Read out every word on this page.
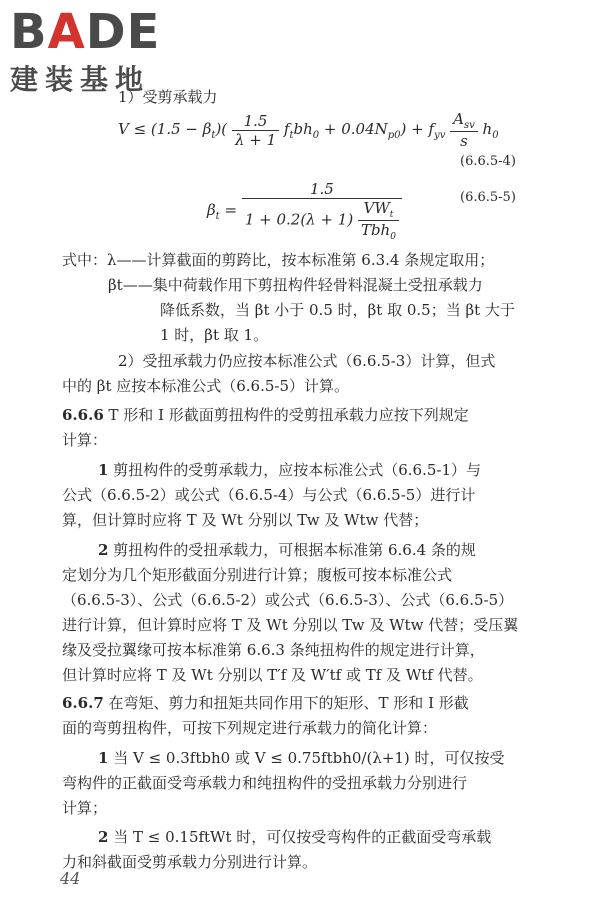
BADE
建装基地
1）受剪承载力
$V \le (1.5 - \beta_t)( \frac{1.5}{\lambda + 1} f_tbh_0 + 0.04N_{p0}) + f_{yv} \frac{A_{sv}}{s} h_0$
(6.6.5-4)
$\beta_t = \frac{1.5}{1 + 0.2(\lambda + 1) \frac{VW_t}{Tbh_0}}$	(6.6.5-5)
式中：λ——计算截面的剪跨比，按本标准第 6.3.4 条规定取用；
βt——集中荷载作用下剪扭构件轻骨料混凝土受扭承载力
降低系数，当 βt 小于 0.5 时，βt 取 0.5；当 βt 大于
1 时，βt 取 1。
2）受扭承载力仍应按本标准公式（6.6.5-3）计算，但式
中的 βt 应按本标准公式（6.6.5-5）计算。
6.6.6 T 形和 I 形截面剪扭构件的受剪扭承载力应按下列规定
计算：
1 剪扭构件的受剪承载力，应按本标准公式（6.6.5-1）与
公式（6.6.5-2）或公式（6.6.5-4）与公式（6.6.5-5）进行计
算，但计算时应将 T 及 Wt 分别以 Tw 及 Wtw 代替；
2 剪扭构件的受扭承载力，可根据本标准第 6.6.4 条的规
定划分为几个矩形截面分别进行计算；腹板可按本标准公式
（6.6.5-3）、公式（6.6.5-2）或公式（6.6.5-3）、公式（6.6.5-5）
进行计算，但计算时应将 T 及 Wt 分别以 Tw 及 Wtw 代替；受压翼
缘及受拉翼缘可按本标准第 6.6.3 条纯扭构件的规定进行计算，
但计算时应将 T 及 Wt 分别以 T′f 及 W′tf 或 Tf 及 Wtf 代替。
6.6.7 在弯矩、剪力和扭矩共同作用下的矩形、T 形和 I 形截
面的弯剪扭构件，可按下列规定进行承载力的简化计算：
1 当 V ≤ 0.3ftbh0 或 V ≤ 0.75ftbh0/(λ+1) 时，可仅按受
弯构件的正截面受弯承载力和纯扭构件的受扭承载力分别进行
计算；
2 当 T ≤ 0.15ftWt 时，可仅按受弯构件的正截面受弯承载
力和斜截面受剪承载力分别进行计算。
44
